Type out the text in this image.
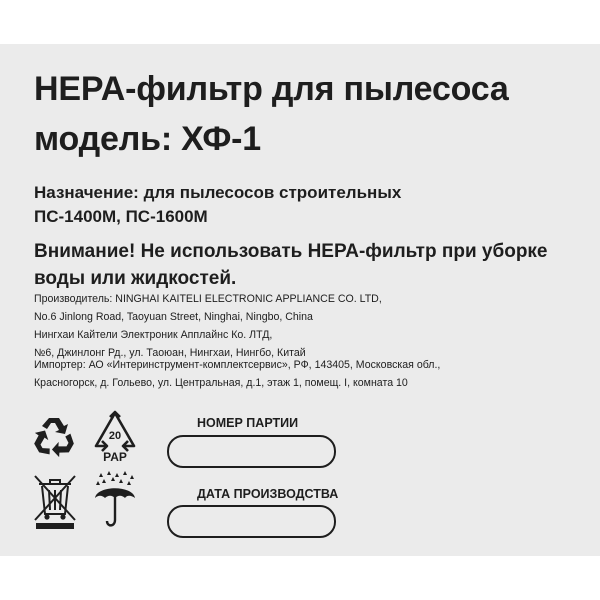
HEPA-фильтр для пылесоса
модель: ХФ-1

Назначение: для пылесосов строительных
ПС-1400М, ПС-1600М

Внимание! Не использовать HEPA-фильтр при уборке
воды или жидкостей.

Производитель: NINGHAI KAITELI ELECTRONIC APPLIANCE CO. LTD,
No.6 Jinlong Road, Taoyuan Street, Ninghai, Ningbo, China
Нингхаи Кайтели Электроник Апплайнс Ко. ЛТД,
№6, Джинлонг Рд., ул. Таоюан, Нингхаи, Нингбо, Китай

Импортер: АО «Интеринструмент-комплектсервис», РФ, 143405, Московская обл.,
Красногорск, д. Гольево, ул. Центральная, д.1, этаж 1, помещ. I, комната 10

20
PAP
НОМЕР ПАРТИИ
ДАТА ПРОИЗВОДСТВА
